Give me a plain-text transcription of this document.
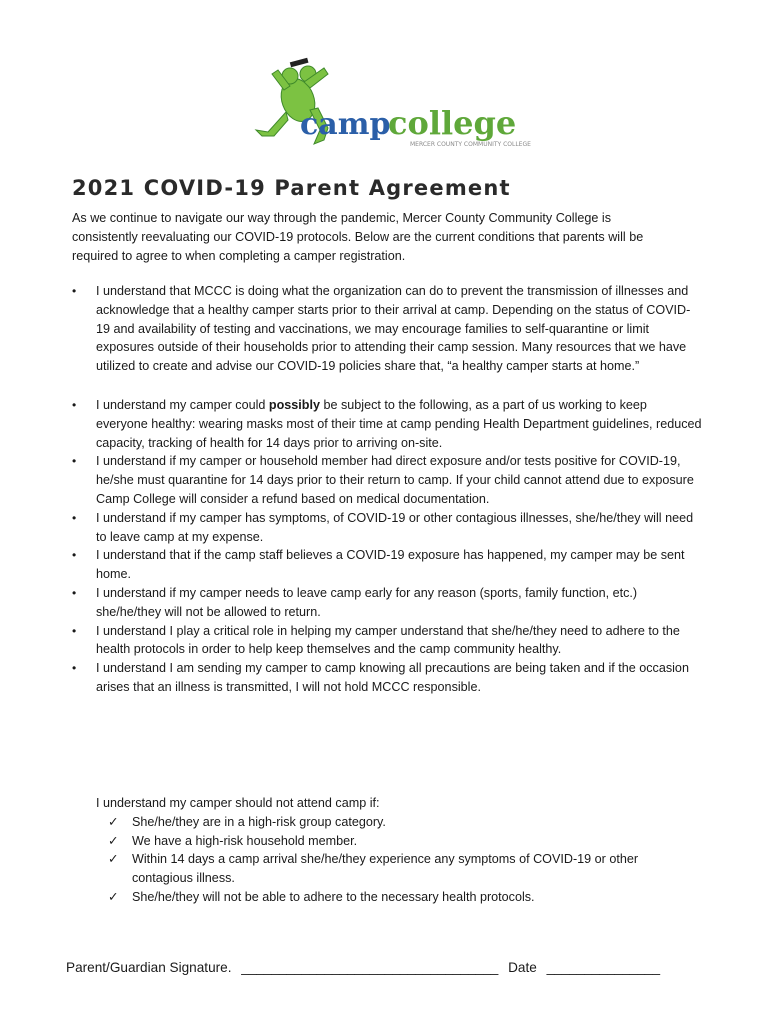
camp
college
MERCER COUNTY COMMUNITY COLLEGE
2021 COVID-19 Parent Agreement

As we continue to navigate our way through the pandemic, Mercer County Community College is consistently reevaluating our COVID-19 protocols. Below are the current conditions that parents will be required to agree to when completing a camper registration.

• I understand that MCCC is doing what the organization can do to prevent the transmission of illnesses and acknowledge that a healthy camper starts prior to their arrival at camp. Depending on the status of COVID-19 and availability of testing and vaccinations, we may encourage families to self-quarantine or limit exposures outside of their households prior to attending their camp session. Many resources that we have utilized to create and advise our COVID-19 policies share that, “a healthy camper starts at home.”
• I understand my camper could possibly be subject to the following, as a part of us working to keep everyone healthy: wearing masks most of their time at camp pending Health Department guidelines, reduced capacity, tracking of health for 14 days prior to arriving on-site.
• I understand if my camper or household member had direct exposure and/or tests positive for COVID-19, he/she must quarantine for 14 days prior to their return to camp. If your child cannot attend due to exposure Camp College will consider a refund based on medical documentation.
• I understand if my camper has symptoms, of COVID-19 or other contagious illnesses, she/he/they will need to leave camp at my expense.
• I understand that if the camp staff believes a COVID-19 exposure has happened, my camper may be sent home.
• I understand if my camper needs to leave camp early for any reason (sports, family function, etc.) she/he/they will not be allowed to return.
• I understand I play a critical role in helping my camper understand that she/he/they need to adhere to the health protocols in order to help keep themselves and the camp community healthy.
• I understand I am sending my camper to camp knowing all precautions are being taken and if the occasion arises that an illness is transmitted, I will not hold MCCC responsible.

I understand my camper should not attend camp if:

✓ She/he/they are in a high-risk group category.
✓ We have a high-risk household member.
✓ Within 14 days a camp arrival she/he/they experience any symptoms of COVID-19 or other contagious illness.
✓ She/he/they will not be able to adhere to the necessary health protocols.
Parent/Guardian Signature. __________________________________ Date _______________
